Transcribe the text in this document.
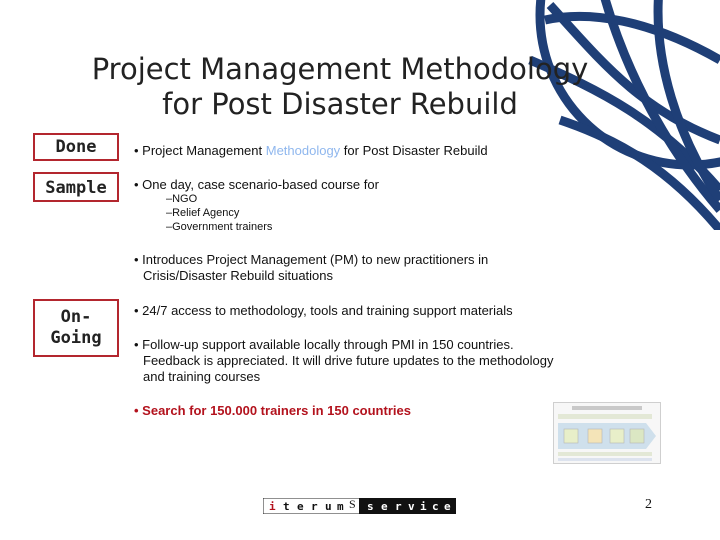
Project Management Methodology
for Post Disaster Rebuild
Done
Sample
On-
Going
• Project Management Methodology for Post Disaster Rebuild
• One day, case scenario-based course for
–NGO
–Relief Agency
–Government trainers
• Introduces Project Management (PM) to new practitioners in
Crisis/Disaster Rebuild situations
• 24/7 access to methodology, tools and training support materials
• Follow-up support available locally through PMI in 150 countries.
Feedback is appreciated. It will drive future updates to the methodology
and training courses
• Search for 150.000 trainers in 150 countries
i t e r u m S s e r v i c e	2
